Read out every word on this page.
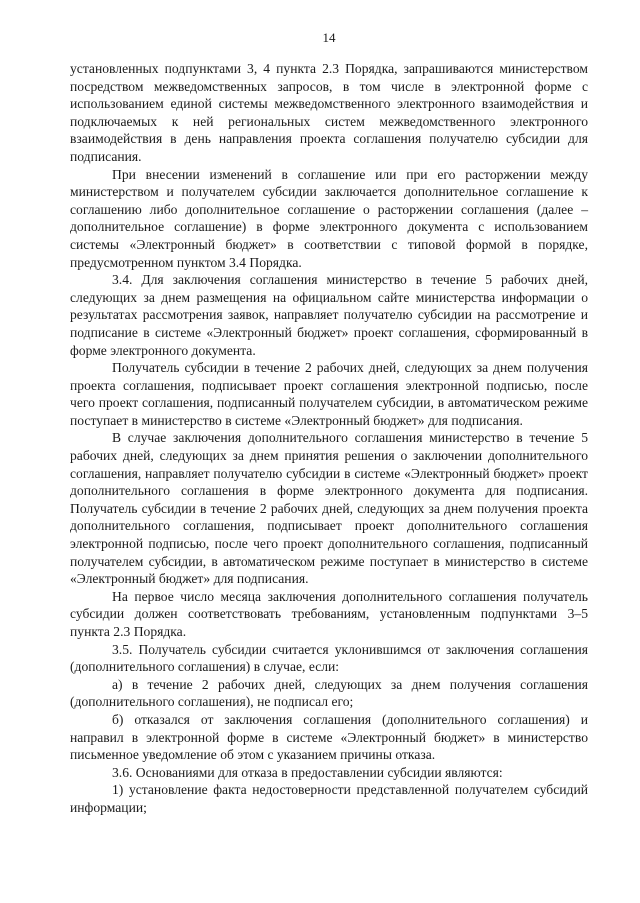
14

установленных подпунктами 3, 4 пункта 2.3 Порядка, запрашиваются министерством посредством межведомственных запросов, в том числе в электронной форме с использованием единой системы межведомственного электронного взаимодействия и подключаемых к ней региональных систем межведомственного электронного взаимодействия в день направления проекта соглашения получателю субсидии для подписания.

При внесении изменений в соглашение или при его расторжении между министерством и получателем субсидии заключается дополнительное соглашение к соглашению либо дополнительное соглашение о расторжении соглашения (далее – дополнительное соглашение) в форме электронного документа с использованием системы «Электронный бюджет» в соответствии с типовой формой в порядке, предусмотренном пунктом 3.4 Порядка.

3.4. Для заключения соглашения министерство в течение 5 рабочих дней, следующих за днем размещения на официальном сайте министерства информации о результатах рассмотрения заявок, направляет получателю субсидии на рассмотрение и подписание в системе «Электронный бюджет» проект соглашения, сформированный в форме электронного документа.

Получатель субсидии в течение 2 рабочих дней, следующих за днем получения проекта соглашения, подписывает проект соглашения электронной подписью, после чего проект соглашения, подписанный получателем субсидии, в автоматическом режиме поступает в министерство в системе «Электронный бюджет» для подписания.

В случае заключения дополнительного соглашения министерство в течение 5 рабочих дней, следующих за днем принятия решения о заключении дополнительного соглашения, направляет получателю субсидии в системе «Электронный бюджет» проект дополнительного соглашения в форме электронного документа для подписания. Получатель субсидии в течение 2 рабочих дней, следующих за днем получения проекта дополнительного соглашения, подписывает проект дополнительного соглашения электронной подписью, после чего проект дополнительного соглашения, подписанный получателем субсидии, в автоматическом режиме поступает в министерство в системе «Электронный бюджет» для подписания.

На первое число месяца заключения дополнительного соглашения получатель субсидии должен соответствовать требованиям, установленным подпунктами 3–5 пункта 2.3 Порядка.

3.5. Получатель субсидии считается уклонившимся от заключения соглашения (дополнительного соглашения) в случае, если:

а) в течение 2 рабочих дней, следующих за днем получения соглашения (дополнительного соглашения), не подписал его;

б) отказался от заключения соглашения (дополнительного соглашения) и направил в электронной форме в системе «Электронный бюджет» в министерство письменное уведомление об этом с указанием причины отказа.

3.6. Основаниями для отказа в предоставлении субсидии являются:

1) установление факта недостоверности представленной получателем субсидий информации;
